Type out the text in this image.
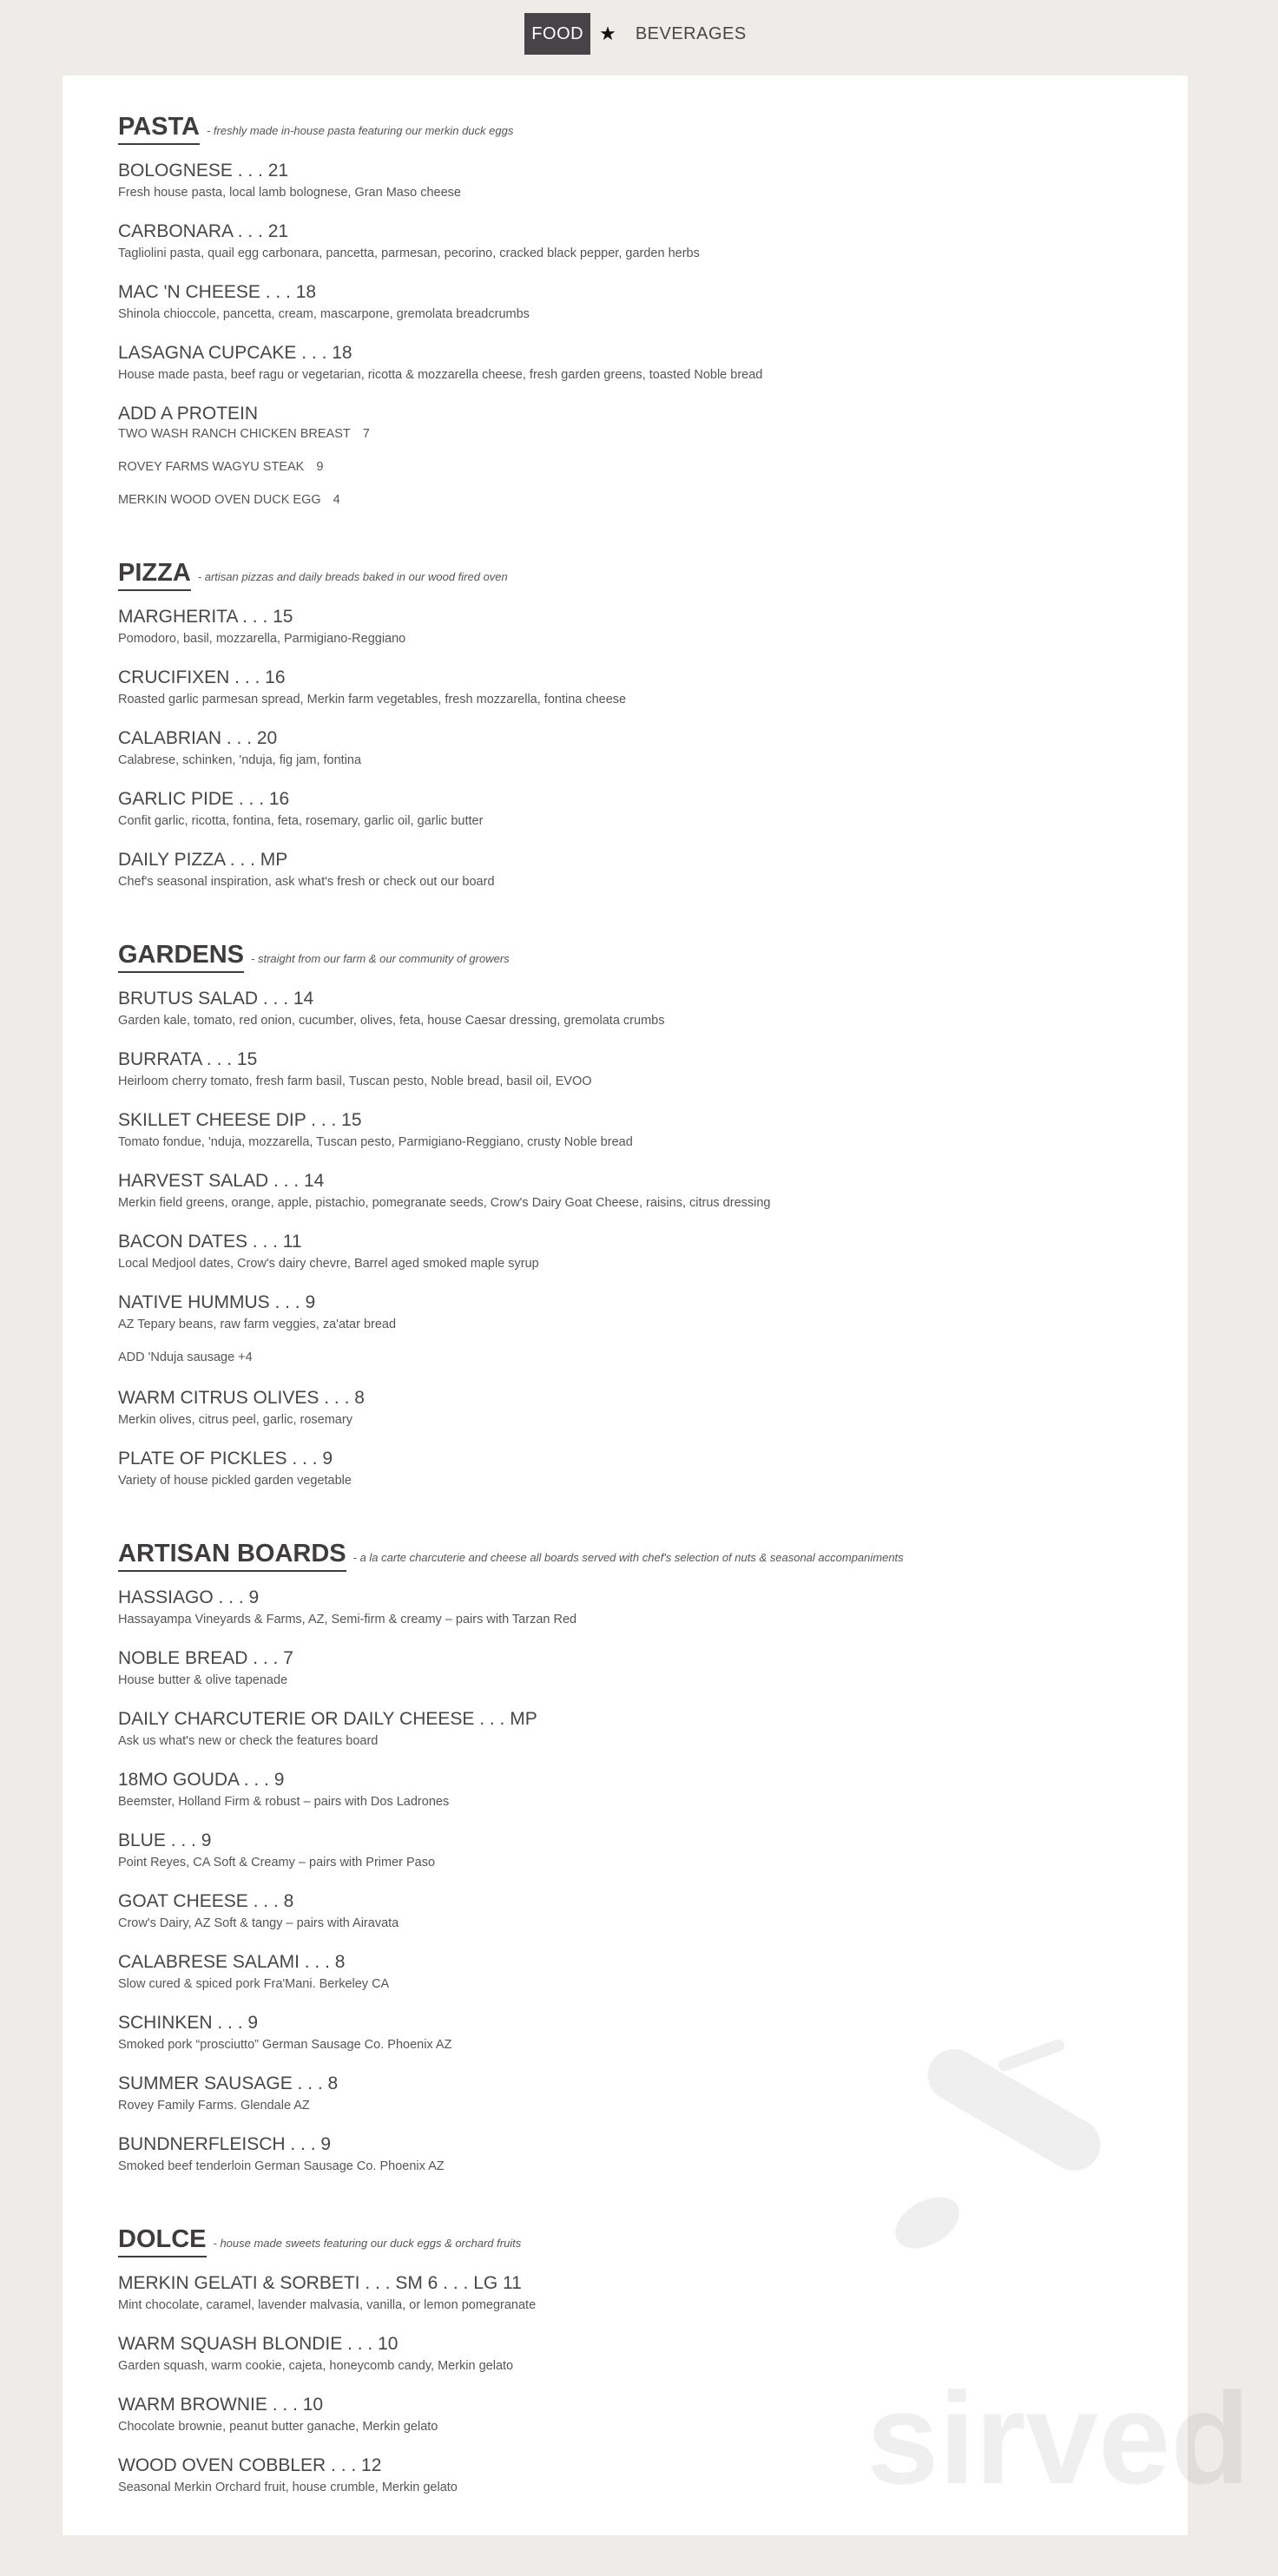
FOOD ★	BEVERAGES
PASTA - freshly made in-house pasta featuring our merkin duck eggs
BOLOGNESE . . . 21
Fresh house pasta, local lamb bolognese, Gran Maso cheese
CARBONARA . . . 21
Tagliolini pasta, quail egg carbonara, pancetta, parmesan, pecorino, cracked black pepper, garden herbs
MAC 'N CHEESE . . . 18
Shinola chioccole, pancetta, cream, mascarpone, gremolata breadcrumbs
LASAGNA CUPCAKE . . . 18
House made pasta, beef ragu or vegetarian, ricotta & mozzarella cheese, fresh garden greens, toasted Noble bread
ADD A PROTEIN
TWO WASH RANCH CHICKEN BREAST 7
ROVEY FARMS WAGYU STEAK 9
MERKIN WOOD OVEN DUCK EGG 4
PIZZA - artisan pizzas and daily breads baked in our wood fired oven
MARGHERITA . . . 15
Pomodoro, basil, mozzarella, Parmigiano-Reggiano
CRUCIFIXEN . . . 16
Roasted garlic parmesan spread, Merkin farm vegetables, fresh mozzarella, fontina cheese
CALABRIAN . . . 20
Calabrese, schinken, 'nduja, fig jam, fontina
GARLIC PIDE . . . 16
Confit garlic, ricotta, fontina, feta, rosemary, garlic oil, garlic butter
DAILY PIZZA . . . MP
Chef's seasonal inspiration, ask what's fresh or check out our board
GARDENS - straight from our farm & our community of growers
BRUTUS SALAD . . . 14
Garden kale, tomato, red onion, cucumber, olives, feta, house Caesar dressing, gremolata crumbs
BURRATA . . . 15
Heirloom cherry tomato, fresh farm basil, Tuscan pesto, Noble bread, basil oil, EVOO
SKILLET CHEESE DIP . . . 15
Tomato fondue, 'nduja, mozzarella, Tuscan pesto, Parmigiano-Reggiano, crusty Noble bread
HARVEST SALAD . . . 14
Merkin field greens, orange, apple, pistachio, pomegranate seeds, Crow's Dairy Goat Cheese, raisins, citrus dressing
BACON DATES . . . 11
Local Medjool dates, Crow's dairy chevre, Barrel aged smoked maple syrup
NATIVE HUMMUS . . . 9
AZ Tepary beans, raw farm veggies, za'atar bread
ADD 'Nduja sausage +4
WARM CITRUS OLIVES . . . 8
Merkin olives, citrus peel, garlic, rosemary
PLATE OF PICKLES . . . 9
Variety of house pickled garden vegetable
ARTISAN BOARDS - a la carte charcuterie and cheese all boards served with chef's selection of nuts & seasonal accompaniments
HASSIAGO . . . 9
Hassayampa Vineyards & Farms, AZ, Semi-firm & creamy – pairs with Tarzan Red
NOBLE BREAD . . . 7
House butter & olive tapenade
DAILY CHARCUTERIE OR DAILY CHEESE . . . MP
Ask us what's new or check the features board
18MO GOUDA . . . 9
Beemster, Holland Firm & robust – pairs with Dos Ladrones
BLUE . . . 9
Point Reyes, CA Soft & Creamy – pairs with Primer Paso
GOAT CHEESE . . . 8
Crow's Dairy, AZ Soft & tangy – pairs with Airavata
CALABRESE SALAMI . . . 8
Slow cured & spiced pork Fra'Mani. Berkeley CA
SCHINKEN . . . 9
Smoked pork “prosciutto” German Sausage Co. Phoenix AZ
SUMMER SAUSAGE . . . 8
Rovey Family Farms. Glendale AZ
BUNDNERFLEISCH . . . 9
Smoked beef tenderloin German Sausage Co. Phoenix AZ
DOLCE - house made sweets featuring our duck eggs & orchard fruits
MERKIN GELATI & SORBETI . . . SM 6 . . . LG 11
Mint chocolate, caramel, lavender malvasia, vanilla, or lemon pomegranate
WARM SQUASH BLONDIE . . . 10
Garden squash, warm cookie, cajeta, honeycomb candy, Merkin gelato
WARM BROWNIE . . . 10
Chocolate brownie, peanut butter ganache, Merkin gelato
WOOD OVEN COBBLER . . . 12
Seasonal Merkin Orchard fruit, house crumble, Merkin gelato	sirved
